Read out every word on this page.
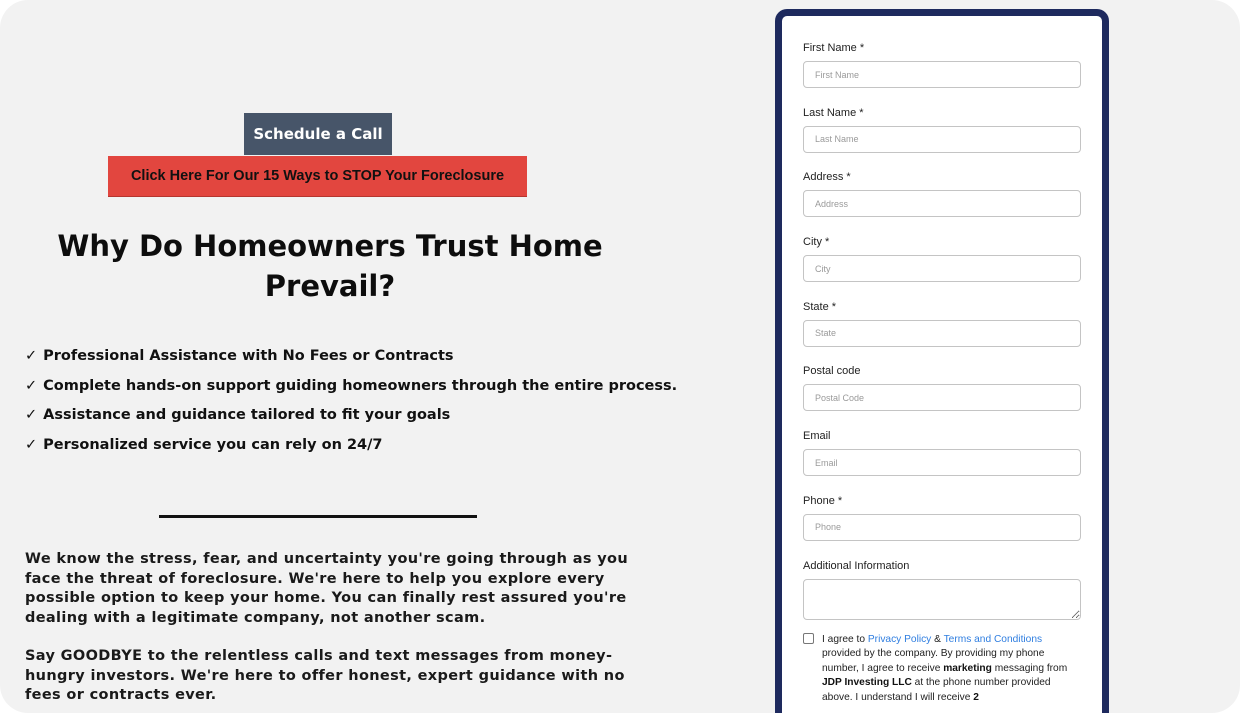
Schedule a Call
Click Here For Our 15 Ways to STOP Your Foreclosure
Why Do Homeowners Trust Home
Prevail?
✓ Professional Assistance with No Fees or Contracts
✓ Complete hands-on support guiding homeowners through the entire process.
✓ Assistance and guidance tailored to fit your goals
✓ Personalized service you can rely on 24/7

We know the stress, fear, and uncertainty you're going through as you face the threat of foreclosure. We're here to help you explore every possible option to keep your home. You can finally rest assured you're dealing with a legitimate company, not another scam.

Say GOODBYE to the relentless calls and text messages from money-hungry investors. We're here to offer honest, expert guidance with no fees or contracts ever.

First Name *
First Name
Last Name *
Last Name
Address *
Address
City *
City
State *
State
Postal code
Postal Code
Email
Email
Phone *
Phone
Additional Information
I agree to Privacy Policy & Terms and Conditions provided by the company. By providing my phone number, I agree to receive marketing messaging from JDP Investing LLC at the phone number provided above. I understand I will receive 2
